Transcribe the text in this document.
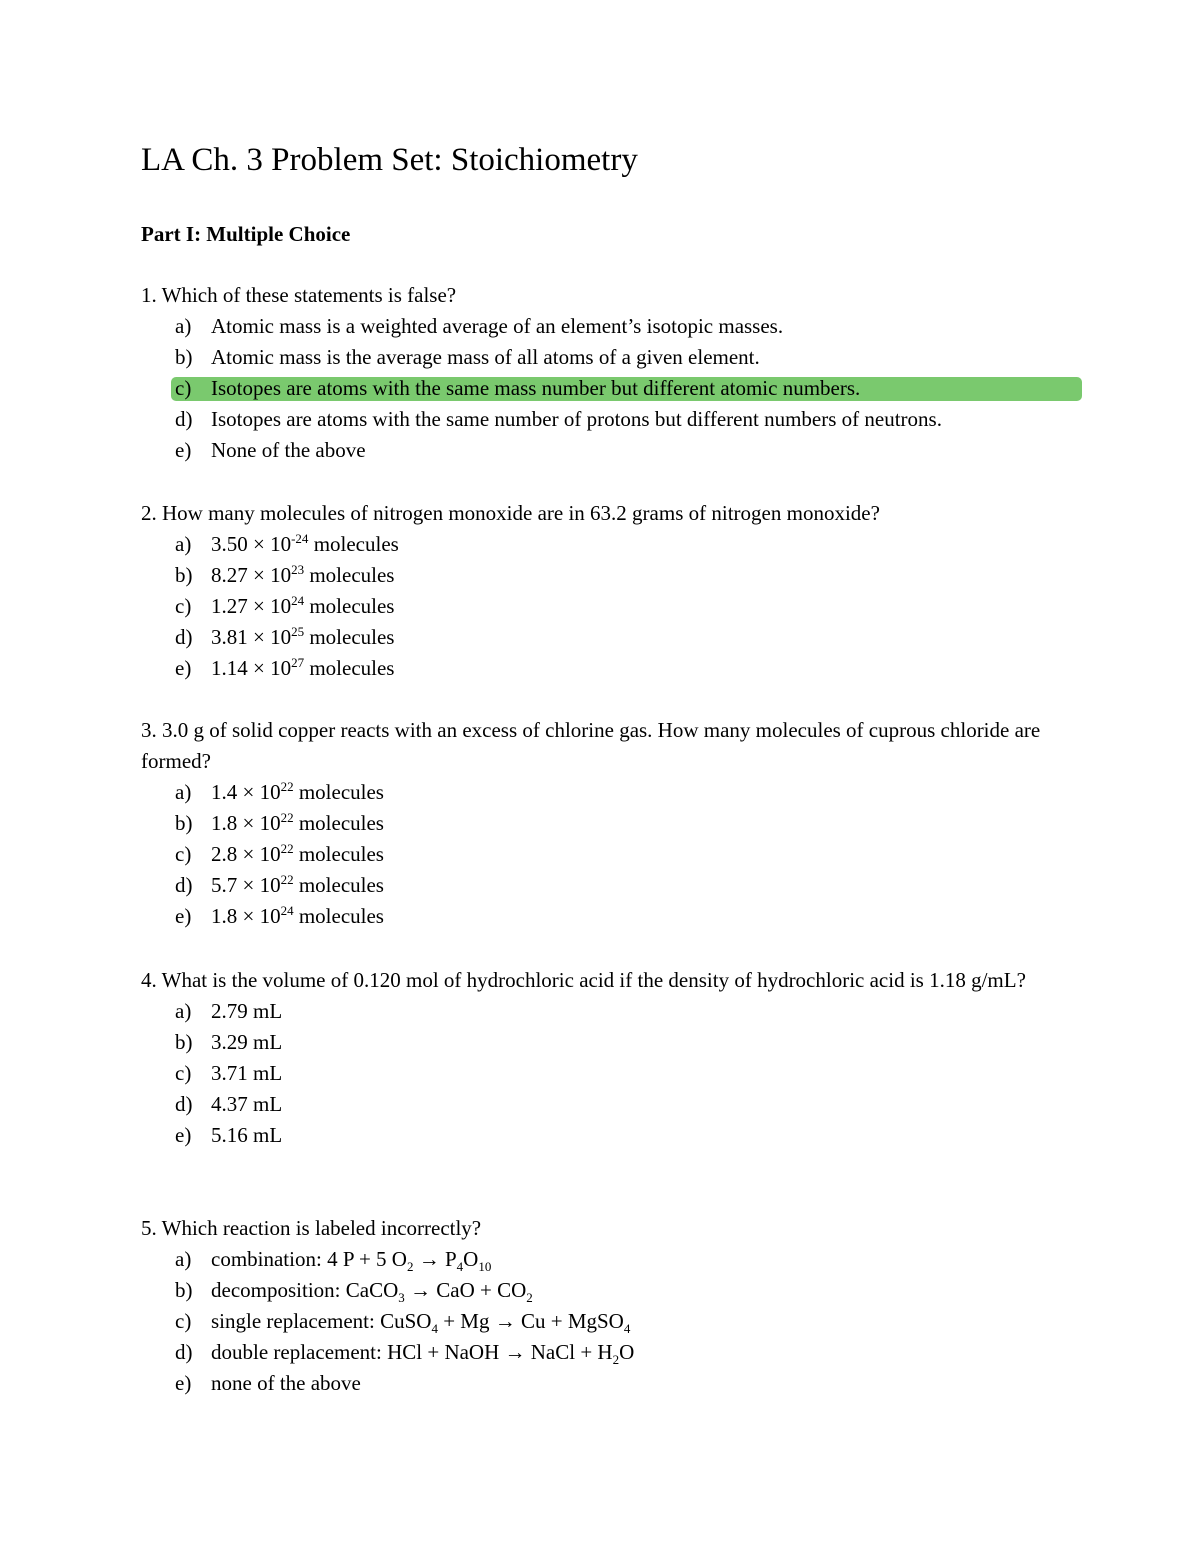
LA Ch. 3 Problem Set: Stoichiometry
Part I: Multiple Choice
1. Which of these statements is false?
a) Atomic mass is a weighted average of an element’s isotopic masses.
b) Atomic mass is the average mass of all atoms of a given element.
c) Isotopes are atoms with the same mass number but different atomic numbers.
d) Isotopes are atoms with the same number of protons but different numbers of neutrons.
e) None of the above
2. How many molecules of nitrogen monoxide are in 63.2 grams of nitrogen monoxide?
a) $3.50 \times 10^{-24}$ molecules
b) $8.27 \times 10^{23}$ molecules
c) $1.27 \times 10^{24}$ molecules
d) $3.81 \times 10^{25}$ molecules
e) $1.14 \times 10^{27}$ molecules
3. 3.0 g of solid copper reacts with an excess of chlorine gas. How many molecules of cuprous chloride are formed?
a) $1.4 \times 10^{22}$ molecules
b) $1.8 \times 10^{22}$ molecules
c) $2.8 \times 10^{22}$ molecules
d) $5.7 \times 10^{22}$ molecules
e) $1.8 \times 10^{24}$ molecules
4. What is the volume of 0.120 mol of hydrochloric acid if the density of hydrochloric acid is 1.18 g/mL?
a) 2.79 mL
b) 3.29 mL
c) 3.71 mL
d) 4.37 mL
e) 5.16 mL
5. Which reaction is labeled incorrectly?
a) combination: 4 P + 5 $O_2 \to P_4O_{10}$
b) decomposition: CaCO$_3$ → CaO + $CO_2$
c) single replacement: CuSO$_4$ + Mg → Cu + MgSO$_4$
d) double replacement: HCl + NaOH → NaCl + $H_2O$
e) none of the above
